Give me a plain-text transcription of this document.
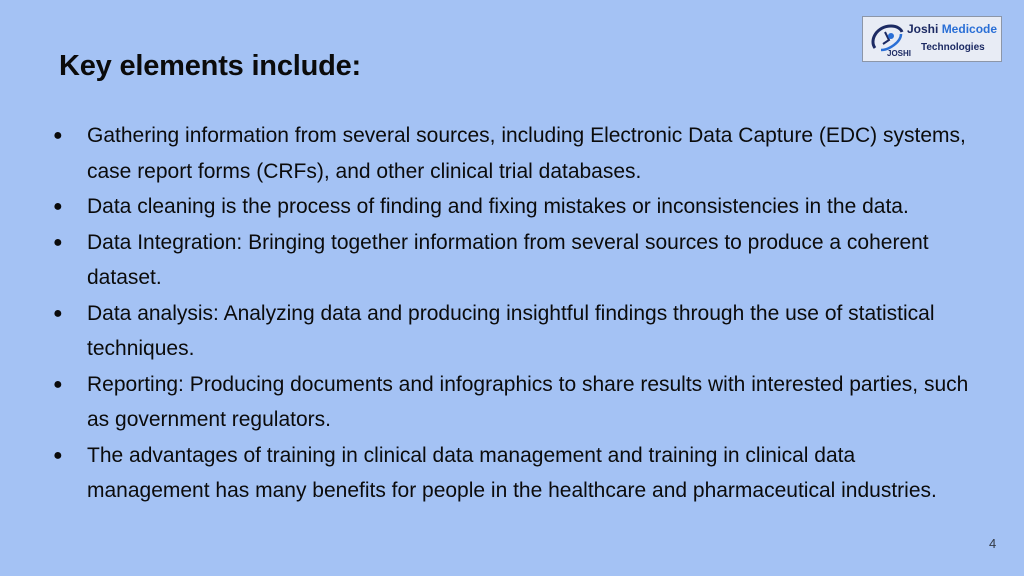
Joshi Medicode
Technologies
JOSHI
Key elements include:
● Gathering information from several sources, including Electronic Data Capture (EDC) systems, case report forms (CRFs), and other clinical trial databases.
● Data cleaning is the process of finding and fixing mistakes or inconsistencies in the data.
● Data Integration: Bringing together information from several sources to produce a coherent dataset.
● Data analysis: Analyzing data and producing insightful findings through the use of statistical techniques.
● Reporting: Producing documents and infographics to share results with interested parties, such as government regulators.
● The advantages of training in clinical data management and training in clinical data management has many benefits for people in the healthcare and pharmaceutical industries.
4
